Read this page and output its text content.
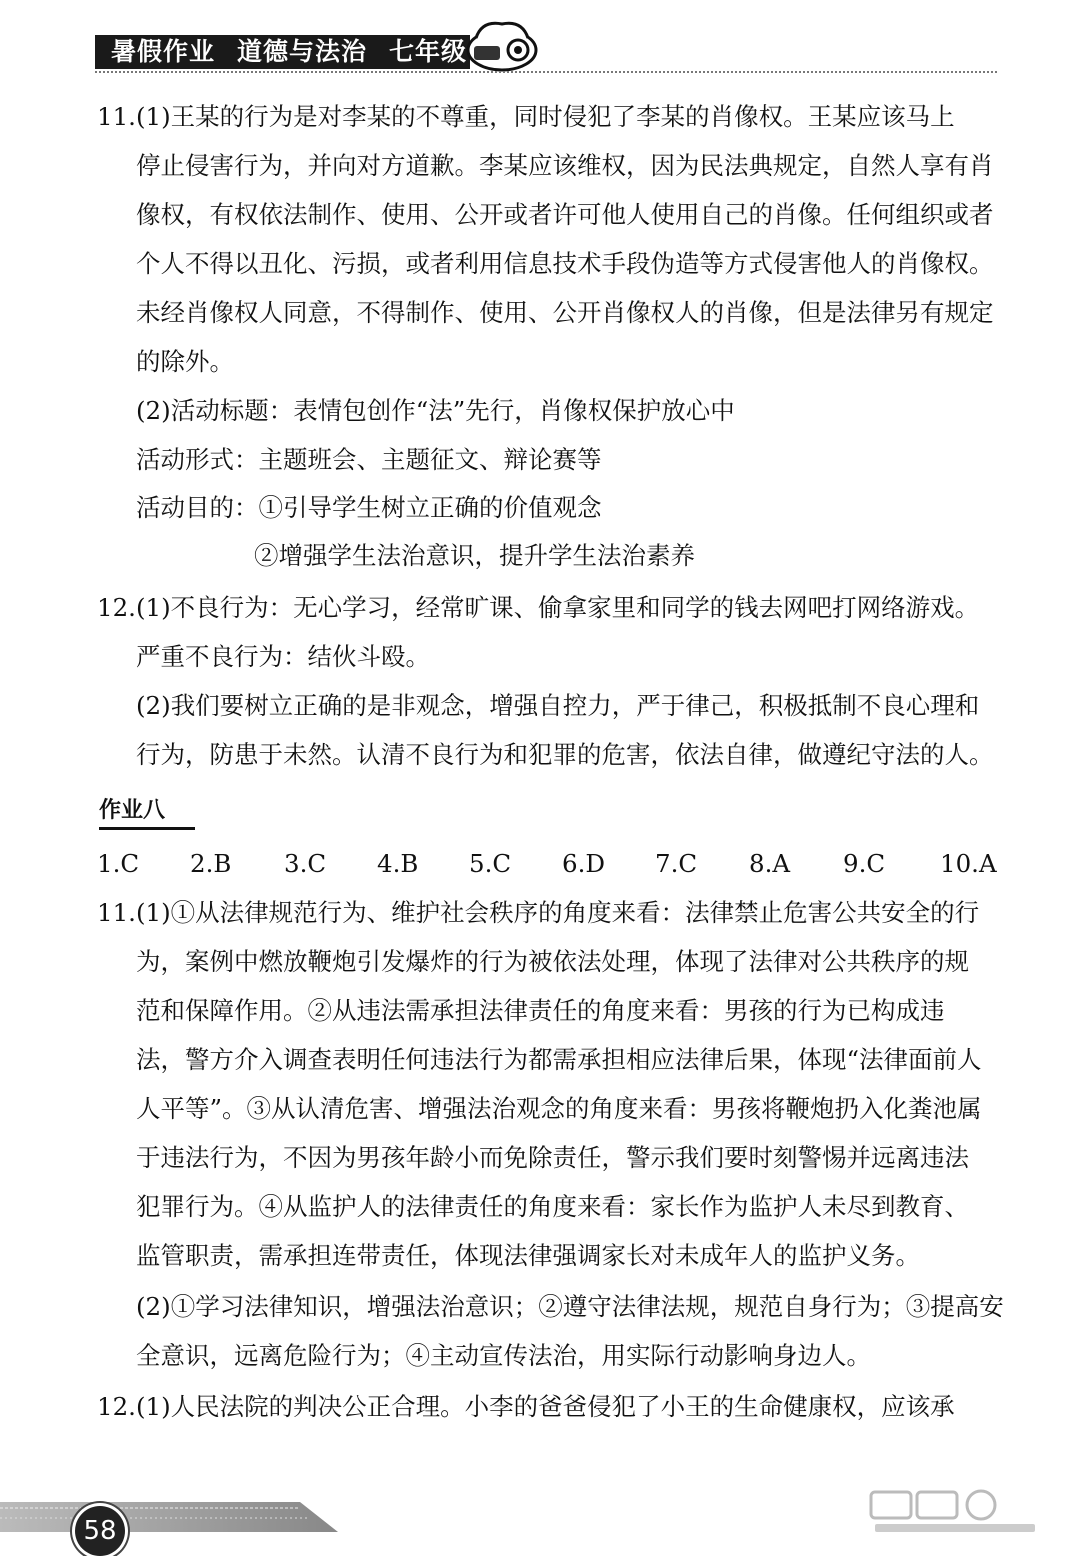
暑假作业 道德与法治 七年级
11.(1)王某的行为是对李某的不尊重，同时侵犯了李某的肖像权。王某应该马上
停止侵害行为，并向对方道歉。李某应该维权，因为民法典规定，自然人享有肖
像权，有权依法制作、使用、公开或者许可他人使用自己的肖像。任何组织或者
个人不得以丑化、污损，或者利用信息技术手段伪造等方式侵害他人的肖像权。
未经肖像权人同意，不得制作、使用、公开肖像权人的肖像，但是法律另有规定
的除外。
(2)活动标题：表情包创作“法”先行，肖像权保护放心中
活动形式：主题班会、主题征文、辩论赛等
活动目的：①引导学生树立正确的价值观念
②增强学生法治意识，提升学生法治素养
12.(1)不良行为：无心学习，经常旷课、偷拿家里和同学的钱去网吧打网络游戏。
严重不良行为：结伙斗殴。
(2)我们要树立正确的是非观念，增强自控力，严于律己，积极抵制不良心理和
行为，防患于未然。认清不良行为和犯罪的危害，依法自律，做遵纪守法的人。
作业八
1.C 2.B 3.C 4.B 5.C 6.D 7.C 8.A 9.C 10.A
11.(1)①从法律规范行为、维护社会秩序的角度来看：法律禁止危害公共安全的行
为，案例中燃放鞭炮引发爆炸的行为被依法处理，体现了法律对公共秩序的规
范和保障作用。②从违法需承担法律责任的角度来看：男孩的行为已构成违
法，警方介入调查表明任何违法行为都需承担相应法律后果，体现“法律面前人
人平等”。③从认清危害、增强法治观念的角度来看：男孩将鞭炮扔入化粪池属
于违法行为，不因为男孩年龄小而免除责任，警示我们要时刻警惕并远离违法
犯罪行为。④从监护人的法律责任的角度来看：家长作为监护人未尽到教育、
监管职责，需承担连带责任，体现法律强调家长对未成年人的监护义务。
(2)①学习法律知识，增强法治意识；②遵守法律法规，规范自身行为；③提高安
全意识，远离危险行为；④主动宣传法治，用实际行动影响身边人。
12.(1)人民法院的判决公正合理。小李的爸爸侵犯了小王的生命健康权，应该承
58
